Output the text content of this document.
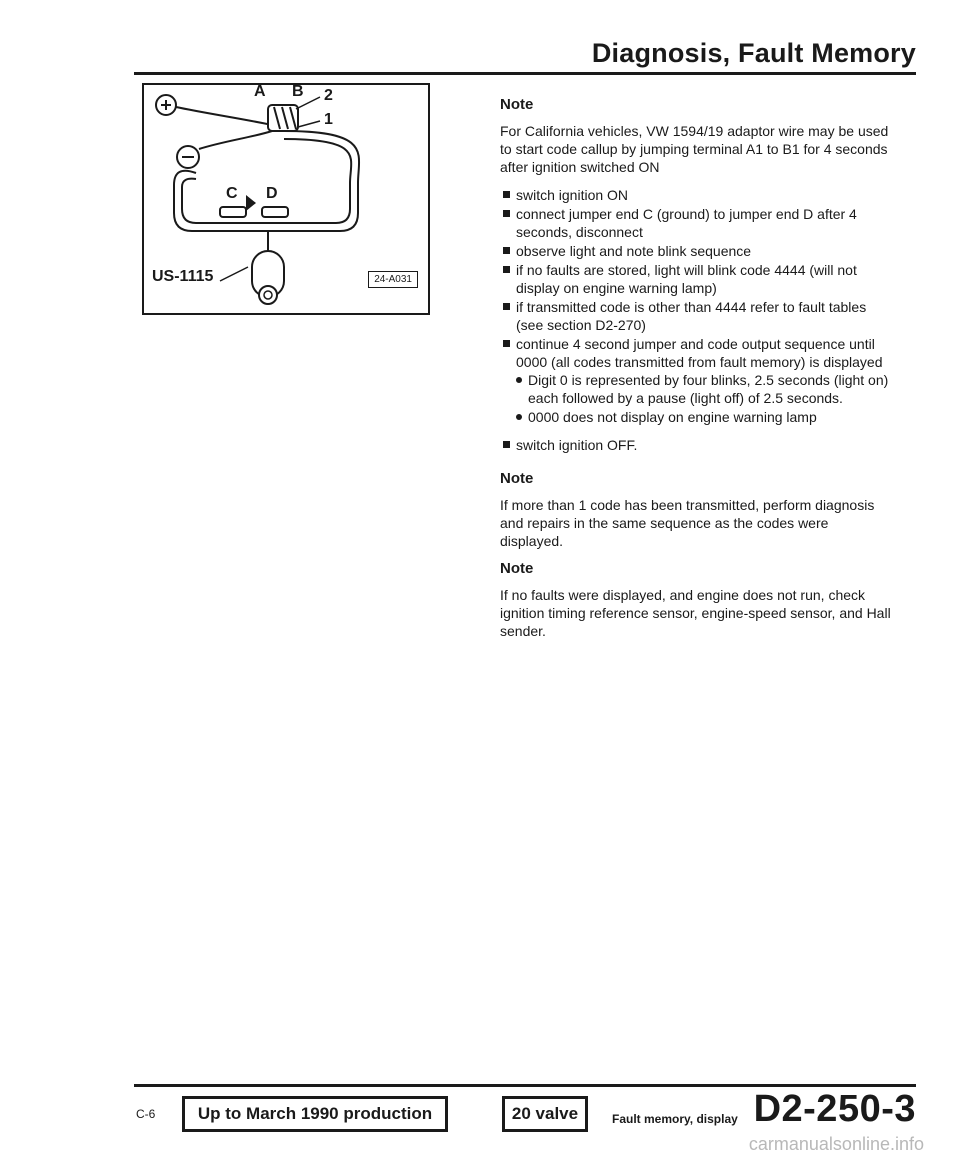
Diagnosis, Fault Memory
A B 2
1
C D
US-1115	24-A031
Note

For California vehicles, VW 1594/19 adaptor wire may be used to start code callup by jumping terminal A1 to B1 for 4 seconds after ignition switched ON

switch ignition ON
connect jumper end C (ground) to jumper end D after 4 seconds, disconnect
observe light and note blink sequence
if no faults are stored, light will blink code 4444 (will not display on engine warning lamp)
if transmitted code is other than 4444 refer to fault tables (see section D2-270)
continue 4 second jumper and code output sequence until 0000 (all codes transmitted from fault memory) is displayed
Digit 0 is represented by four blinks, 2.5 seconds (light on) each followed by a pause (light off) of 2.5 seconds.
0000 does not display on engine warning lamp
switch ignition OFF.
Note

If more than 1 code has been transmitted, perform diagnosis and repairs in the same sequence as the codes were displayed.

Note

If no faults were displayed, and engine does not run, check ignition timing reference sensor, engine-speed sensor, and Hall sender.

C-6	Up to March 1990 production	20 valve	Fault memory, display D2-250-3
carmanualsonline.info
